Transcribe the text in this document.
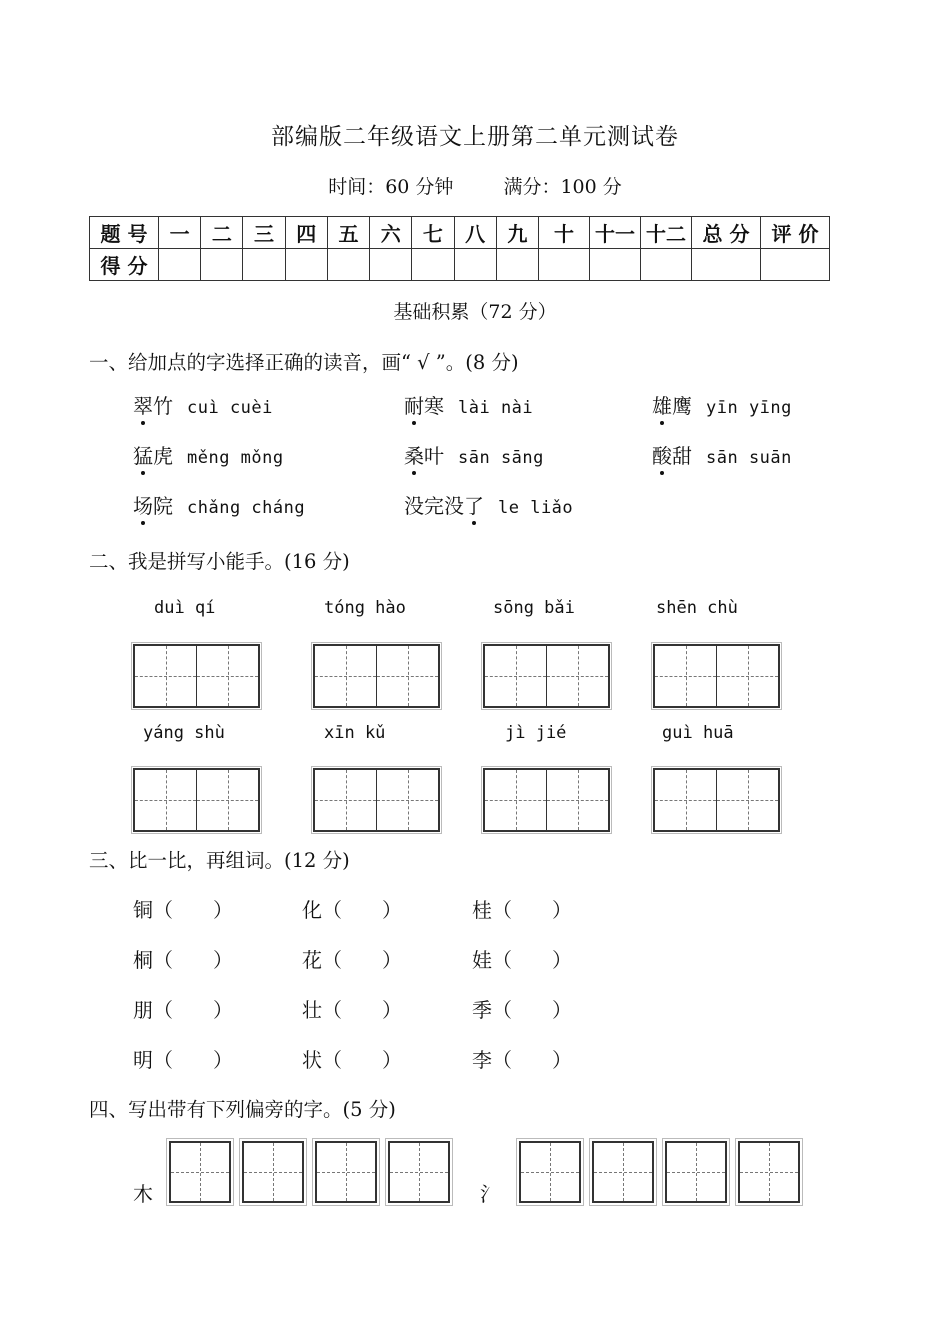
部编版二年级语文上册第二单元测试卷
时间：60 分钟	满分：100 分
题 号	一	二	三	四	五	六	七	八	九	十	十一	十二	总 分	评 价
得 分														
基础积累（72 分）
一、给加点的字选择正确的读音，画“ √ ”。(8 分)
翠竹 cuì cuèi	耐寒 lài nài	雄鹰 yīn yīng
猛虎 měng mǒng	桑叶 sān sāng	酸甜 sān suān
场院 chǎng cháng	没完没了 le liǎo
二、我是拼写小能手。(16 分)
duì qí	tóng hào	sōng bǎi	shēn chù
yáng shù	xīn kǔ	jì jié	guì huā
三、比一比，再组词。(12 分)
铜（　　）	化（　　）	桂（　　）
桐（　　）	花（　　）	娃（　　）
朋（　　）	壮（　　）	季（　　）
明（　　）	状（　　）	李（　　）
四、写出带有下列偏旁的字。(5 分)
木	氵
